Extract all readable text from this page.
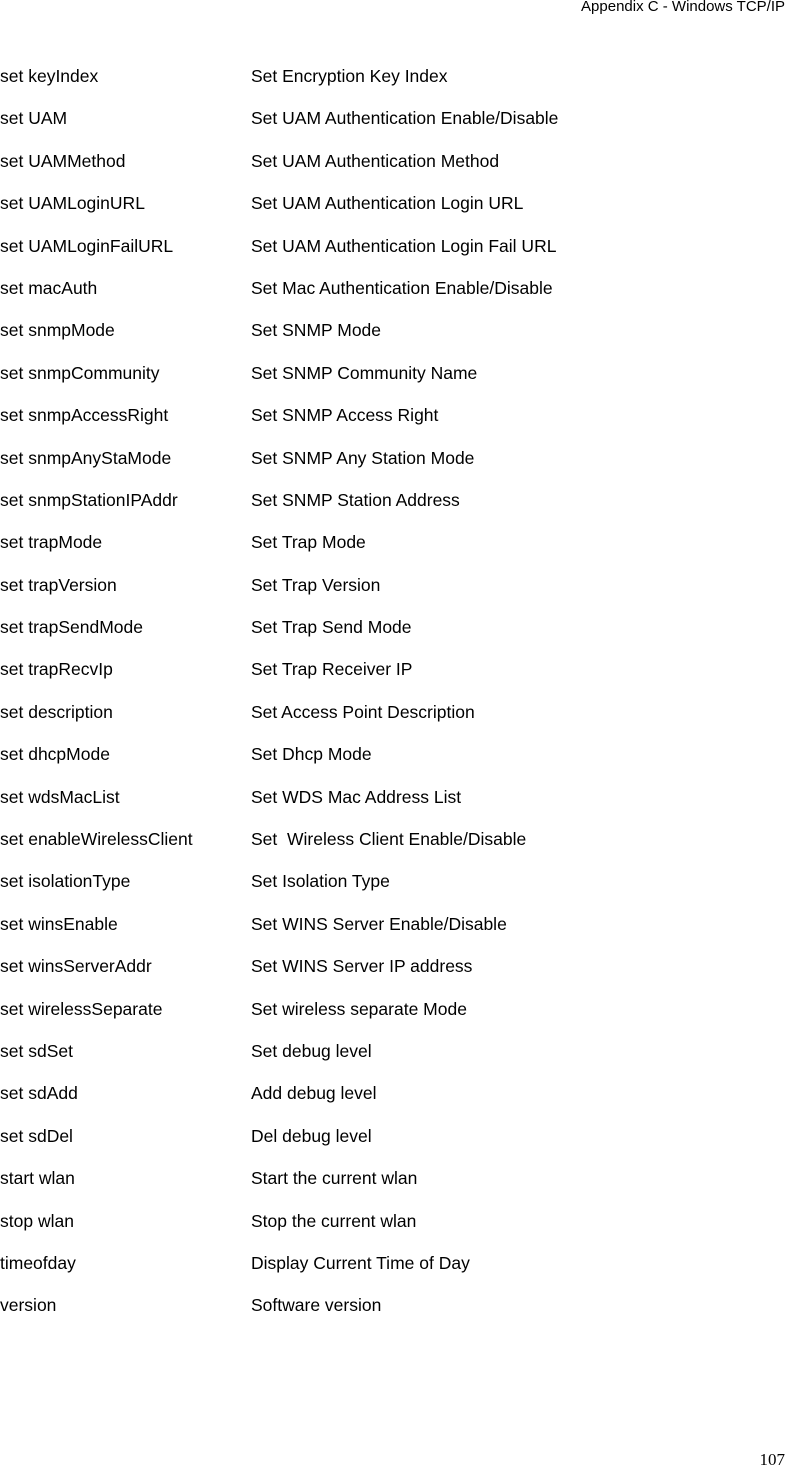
Appendix C - Windows TCP/IP
set keyIndex	Set Encryption Key Index
set UAM	Set UAM Authentication Enable/Disable
set UAMMethod	Set UAM Authentication Method
set UAMLoginURL	Set UAM Authentication Login URL
set UAMLoginFailURL	Set UAM Authentication Login Fail URL
set macAuth	Set Mac Authentication Enable/Disable
set snmpMode	Set SNMP Mode
set snmpCommunity	Set SNMP Community Name
set snmpAccessRight	Set SNMP Access Right
set snmpAnyStaMode	Set SNMP Any Station Mode
set snmpStationIPAddr	Set SNMP Station Address
set trapMode	Set Trap Mode
set trapVersion	Set Trap Version
set trapSendMode	Set Trap Send Mode
set trapRecvIp	Set Trap Receiver IP
set description	Set Access Point Description
set dhcpMode	Set Dhcp Mode
set wdsMacList	Set WDS Mac Address List
set enableWirelessClient	Set  Wireless Client Enable/Disable
set isolationType	Set Isolation Type
set winsEnable	Set WINS Server Enable/Disable
set winsServerAddr	Set WINS Server IP address
set wirelessSeparate	Set wireless separate Mode
set sdSet	Set debug level
set sdAdd	Add debug level
set sdDel	Del debug level
start wlan	Start the current wlan
stop wlan	Stop the current wlan
timeofday	Display Current Time of Day
version	Software version
107
